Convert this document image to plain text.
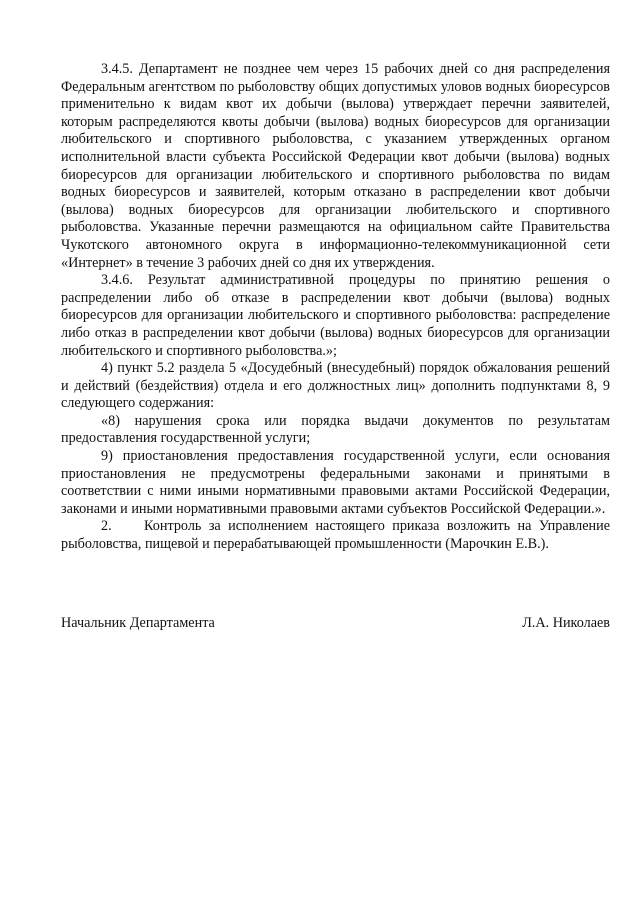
3.4.5. Департамент не позднее чем через 15 рабочих дней со дня распределения Федеральным агентством по рыболовству общих допустимых уловов водных биоресурсов применительно к видам квот их добычи (вылова) утверждает перечни заявителей, которым распределяются квоты добычи (вылова) водных биоресурсов для организации любительского и спортивного рыболовства, с указанием утвержденных органом исполнительной власти субъекта Российской Федерации квот добычи (вылова) водных биоресурсов для организации любительского и спортивного рыболовства по видам водных биоресурсов и заявителей, которым отказано в распределении квот добычи (вылова) водных биоресурсов для организации любительского и спортивного рыболовства. Указанные перечни размещаются на официальном сайте Правительства Чукотского автономного округа в информационно-телекоммуникационной сети «Интернет» в течение 3 рабочих дней со дня их утверждения.

3.4.6. Результат административной процедуры по принятию решения о распределении либо об отказе в распределении квот добычи (вылова) водных биоресурсов для организации любительского и спортивного рыболовства: распределение либо отказ в распределении квот добычи (вылова) водных биоресурсов для организации любительского и спортивного рыболовства.»;

4) пункт 5.2 раздела 5 «Досудебный (внесудебный) порядок обжалования решений и действий (бездействия) отдела и его должностных лиц» дополнить подпунктами 8, 9 следующего содержания:

«8) нарушения срока или порядка выдачи документов по результатам предоставления государственной услуги;

9) приостановления предоставления государственной услуги, если основания приостановления не предусмотрены федеральными законами и принятыми в соответствии с ними иными нормативными правовыми актами Российской Федерации, законами и иными нормативными правовыми актами субъектов Российской Федерации.».

2. Контроль за исполнением настоящего приказа возложить на Управление рыболовства, пищевой и перерабатывающей промышленности (Марочкин Е.В.).

Начальник Департамента	Л.А. Николаев
